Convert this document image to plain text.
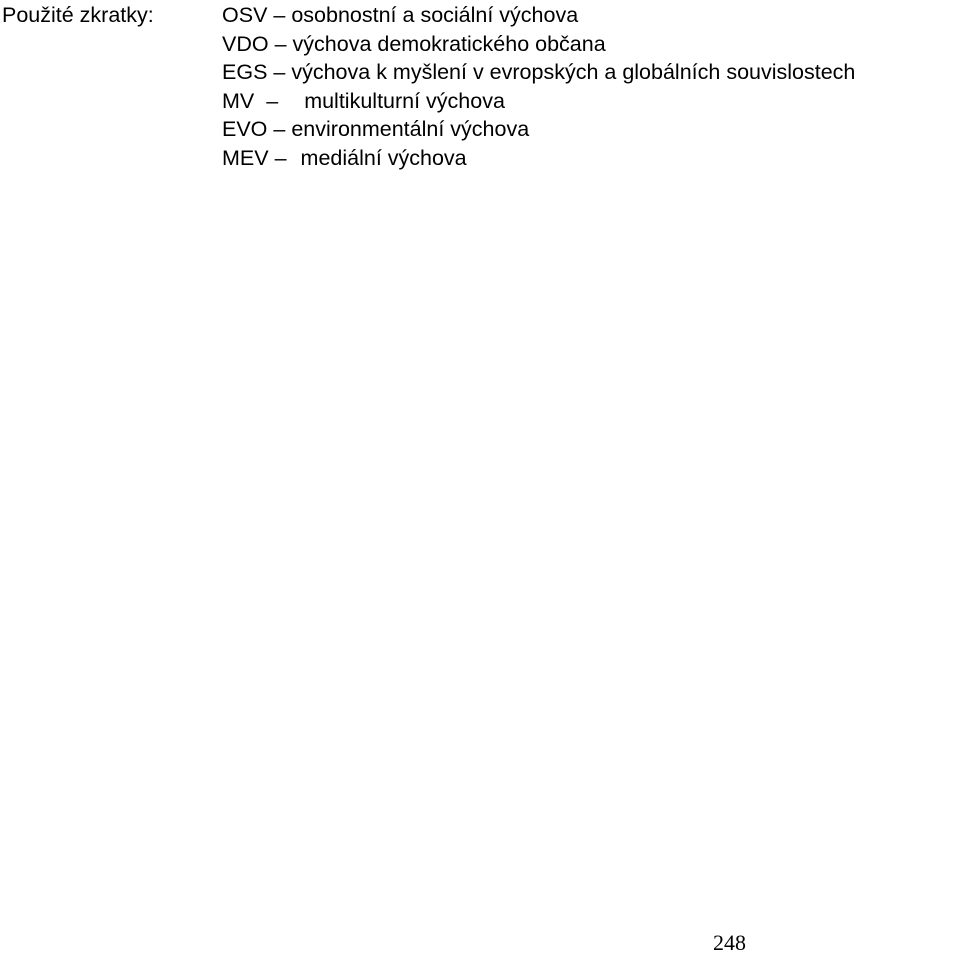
Použité zkratky:	OSV – osobnostní a sociální výchova
VDO – výchova demokratického občana
EGS – výchova k myšlení v evropských a globálních souvislostech
MV – multikulturní výchova
EVO – environmentální výchova
MEV – mediální výchova
248
